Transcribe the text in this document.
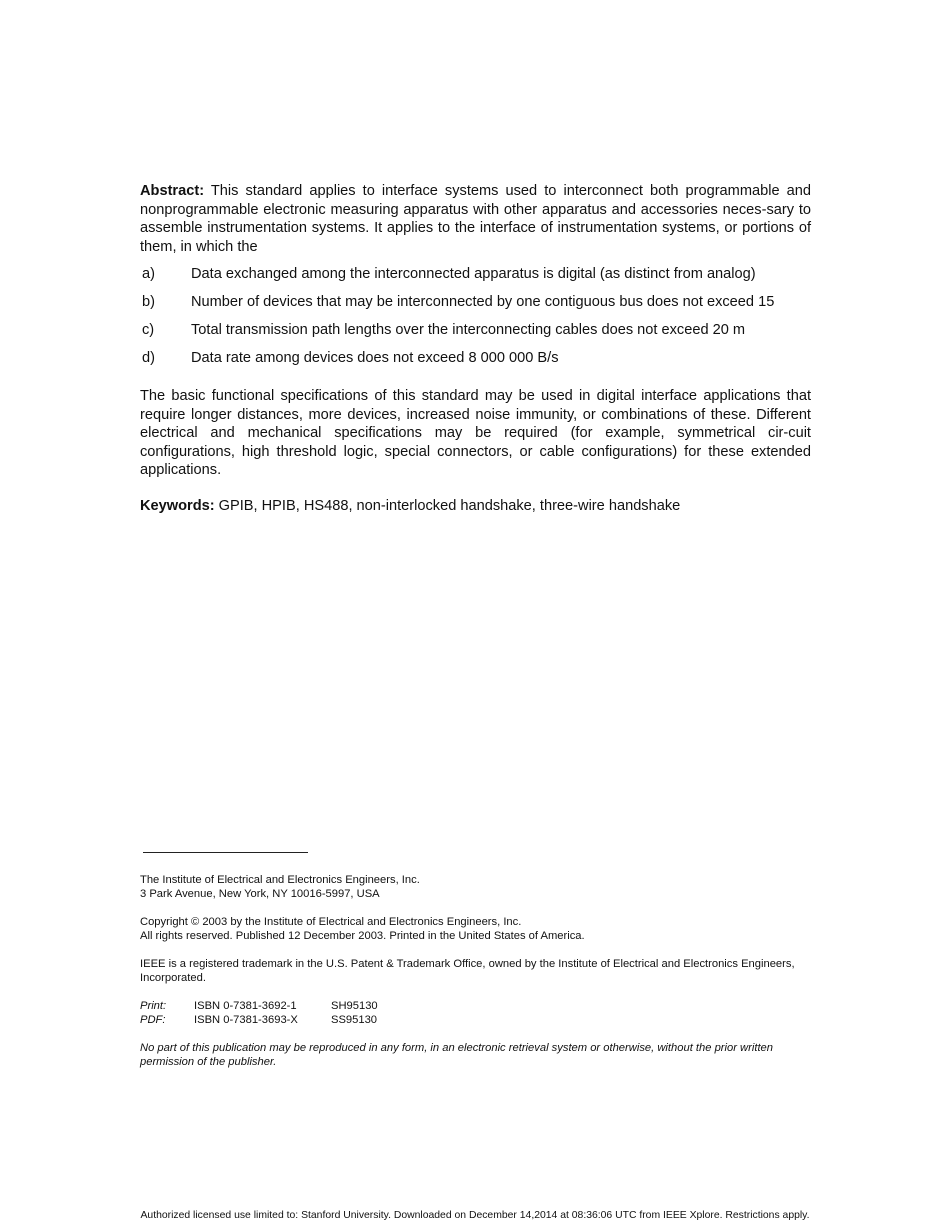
Abstract: This standard applies to interface systems used to interconnect both programmable and nonprogrammable electronic measuring apparatus with other apparatus and accessories neces-sary to assemble instrumentation systems. It applies to the interface of instrumentation systems, or portions of them, in which the

a)	Data exchanged among the interconnected apparatus is digital (as distinct from analog)
b)	Number of devices that may be interconnected by one contiguous bus does not exceed 15
c)	Total transmission path lengths over the interconnecting cables does not exceed 20 m
d)	Data rate among devices does not exceed 8 000 000 B/s

The basic functional specifications of this standard may be used in digital interface applications that require longer distances, more devices, increased noise immunity, or combinations of these. Different electrical and mechanical specifications may be required (for example, symmetrical cir-cuit configurations, high threshold logic, special connectors, or cable configurations) for these extended applications.

Keywords: GPIB, HPIB, HS488, non-interlocked handshake, three-wire handshake

The Institute of Electrical and Electronics Engineers, Inc.

3 Park Avenue, New York, NY 10016-5997, USA

Copyright © 2003 by the Institute of Electrical and Electronics Engineers, Inc.

All rights reserved. Published 12 December 2003. Printed in the United States of America.

IEEE is a registered trademark in the U.S. Patent & Trademark Office, owned by the Institute of Electrical and Electronics Engineers, Incorporated.

Print:	ISBN 0-7381-3692-1	SH95130
PDF:	ISBN 0-7381-3693-X	SS95130

No part of this publication may be reproduced in any form, in an electronic retrieval system or otherwise, without the prior written permission of the publisher.

Authorized licensed use limited to: Stanford University. Downloaded on December 14,2014 at 08:36:06 UTC from IEEE Xplore. Restrictions apply.
